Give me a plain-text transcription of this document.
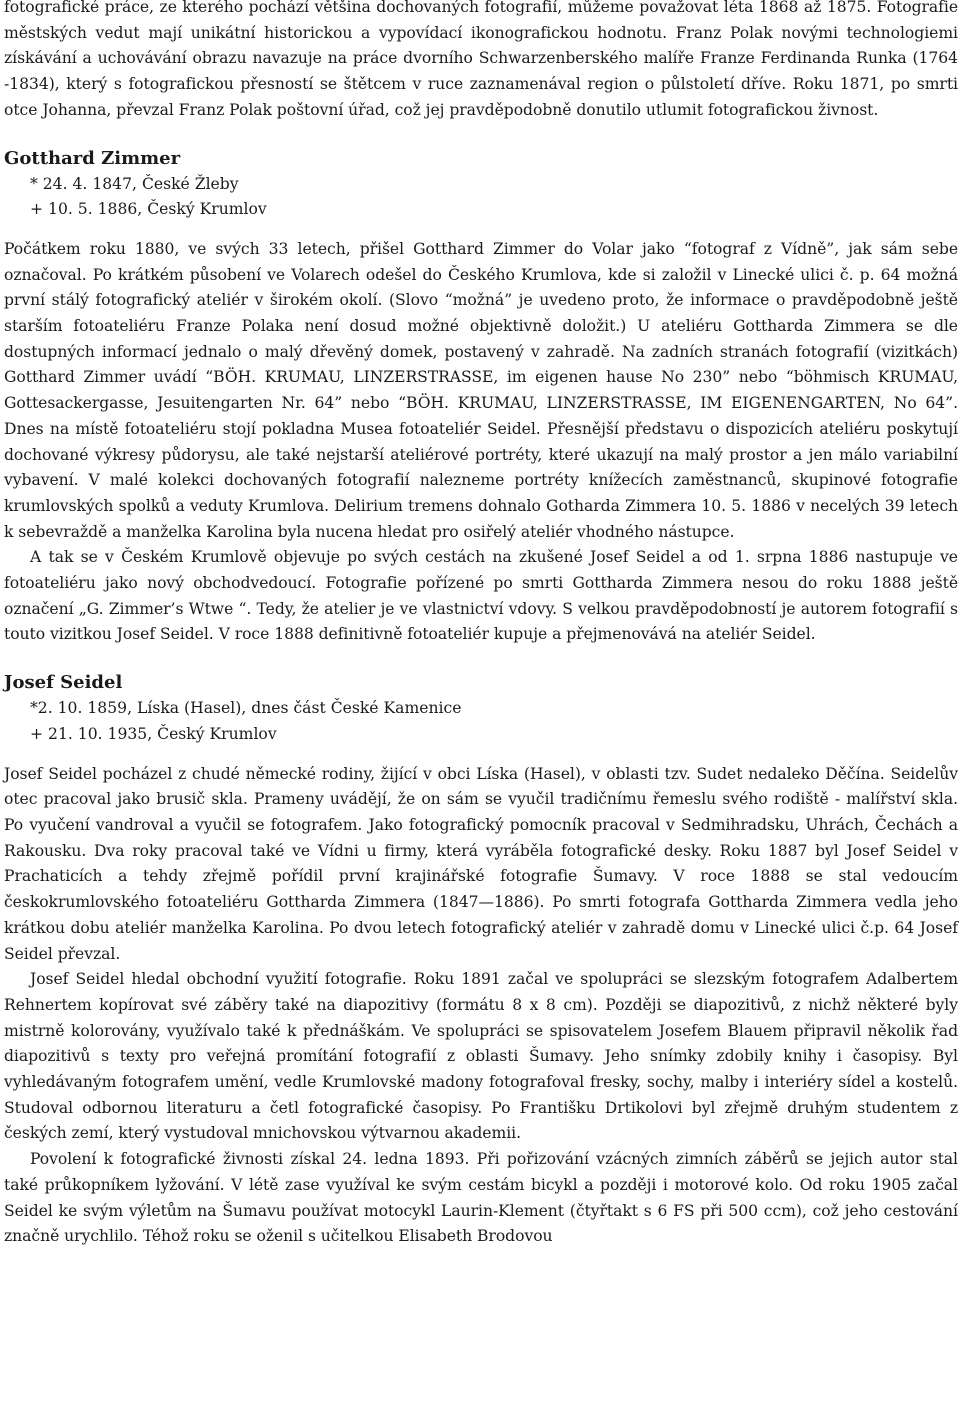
fotografické práce, ze kterého pochází většina dochovaných fotografií, můžeme považovat léta 1868 až 1875. Fotografie městských vedut mají unikátní historickou a vypovídací ikonografickou hodnotu. Franz Polak novými technologiemi získávání a uchovávání obrazu navazuje na práce dvorního Schwarzenberského malíře Franze Ferdinanda Runka (1764 -1834), který s fotografickou přesností se štětcem v ruce zaznamenával region o půlstoletí dříve. Roku 1871, po smrti otce Johanna, převzal Franz Polak poštovní úřad, což jej pravděpodobně donutilo utlumit fotografickou živnost.

Gotthard Zimmer
* 24. 4. 1847, České Žleby
+ 10. 5. 1886, Český Krumlov

Počátkem roku 1880, ve svých 33 letech, přišel Gotthard Zimmer do Volar jako “fotograf z Vídně”, jak sám sebe označoval. Po krátkém působení ve Volarech odešel do Českého Krumlova, kde si založil v Linecké ulici č. p. 64 možná první stálý fotografický ateliér v širokém okolí. (Slovo “možná” je uvedeno proto, že informace o pravděpodobně ještě starším fotoateliéru Franze Polaka není dosud možné objektivně doložit.) U ateliéru Gottharda Zimmera se dle dostupných informací jednalo o malý dřevěný domek, postavený v zahradě. Na zadních stranách fotografií (vizitkách) Gotthard Zimmer uvádí “BÖH. KRUMAU, LINZERSTRASSE, im eigenen hause No 230” nebo “böhmisch KRUMAU, Gottesackergasse, Jesuitengarten Nr. 64” nebo “BÖH. KRUMAU, LINZERSTRASSE, IM EIGENENGARTEN, No 64”. Dnes na místě fotoateliéru stojí pokladna Musea fotoateliér Seidel. Přesnější představu o dispozicích ateliéru poskytují dochované výkresy půdorysu, ale také nejstarší ateliérové portréty, které ukazují na malý prostor a jen málo variabilní vybavení. V malé kolekci dochovaných fotografií nalezneme portréty knížecích zaměstnanců, skupinové fotografie krumlovských spolků a veduty Krumlova. Delirium tremens dohnalo Gotharda Zimmera 10. 5. 1886 v necelých 39 letech k sebevraždě a manželka Karolina byla nucena hledat pro osiřelý ateliér vhodného nástupce.

A tak se v Českém Krumlově objevuje po svých cestách na zkušené Josef Seidel a od 1. srpna 1886 nastupuje ve fotoateliéru jako nový obchodvedoucí. Fotografie pořízené po smrti Gottharda Zimmera nesou do roku 1888 ještě označení „G. Zimmer’s Wtwe “. Tedy, že atelier je ve vlastnictví vdovy. S velkou pravděpodobností je autorem fotografií s touto vizitkou Josef Seidel. V roce 1888 definitivně fotoateliér kupuje a přejmenovává na ateliér Seidel.

Josef Seidel
*2. 10. 1859, Líska (Hasel), dnes část České Kamenice
+ 21. 10. 1935, Český Krumlov

Josef Seidel pocházel z chudé německé rodiny, žijící v obci Líska (Hasel), v oblasti tzv. Sudet nedaleko Děčína. Seidelův otec pracoval jako brusič skla. Prameny uvádějí, že on sám se vyučil tradičnímu řemeslu svého rodiště - malířství skla. Po vyučení vandroval a vyučil se fotografem. Jako fotografický pomocník pracoval v Sedmihradsku, Uhrách, Čechách a Rakousku. Dva roky pracoval také ve Vídni u firmy, která vyráběla fotografické desky. Roku 1887 byl Josef Seidel v Prachaticích a tehdy zřejmě pořídil první krajinářské fotografie Šumavy. V roce 1888 se stal vedoucím českokrumlovského fotoateliéru Gottharda Zimmera (1847—1886). Po smrti fotografa Gottharda Zimmera vedla jeho krátkou dobu ateliér manželka Karolina. Po dvou letech fotografický ateliér v zahradě domu v Linecké ulici č.p. 64 Josef Seidel převzal.

Josef Seidel hledal obchodní využití fotografie. Roku 1891 začal ve spolupráci se slezským fotografem Adalbertem Rehnertem kopírovat své záběry také na diapozitivy (formátu 8 x 8 cm). Později se diapozitivů, z nichž některé byly mistrně kolorovány, využívalo také k přednáškám. Ve spolupráci se spisovatelem Josefem Blauem připravil několik řad diapozitivů s texty pro veřejná promítání fotografií z oblasti Šumavy. Jeho snímky zdobily knihy i časopisy. Byl vyhledávaným fotografem umění, vedle Krumlovské madony fotografoval fresky, sochy, malby i interiéry sídel a kostelů. Studoval odbornou literaturu a četl fotografické časopisy. Po Františku Drtikolovi byl zřejmě druhým studentem z českých zemí, který vystudoval mnichovskou výtvarnou akademii.

Povolení k fotografické živnosti získal 24. ledna 1893. Při pořizování vzácných zimních záběrů se jejich autor stal také průkopníkem lyžování. V létě zase využíval ke svým cestám bicykl a později i motorové kolo. Od roku 1905 začal Seidel ke svým výletům na Šumavu používat motocykl Laurin-Klement (čtyřtakt s 6 FS při 500 ccm), což jeho cestování značně urychlilo. Téhož roku se oženil s učitelkou Elisabeth Brodovou
